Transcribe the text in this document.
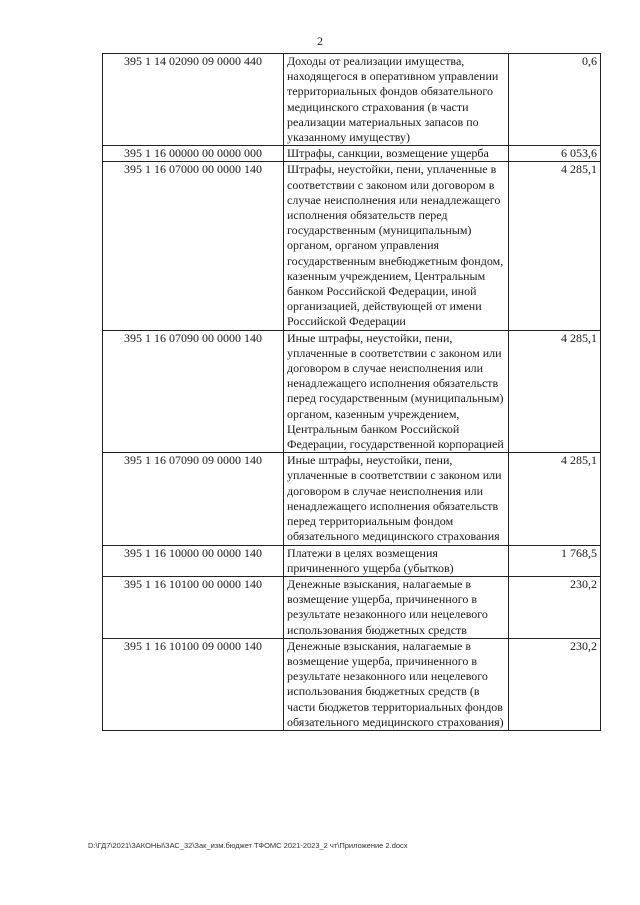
2
395 1 14 02090 09 0000 440	Доходы от реализации имущества, находящегося в оперативном управлении территориальных фондов обязательного медицинского страхования (в части реализации материальных запасов по указанному имуществу)	0,6
395 1 16 00000 00 0000 000	Штрафы, санкции, возмещение ущерба	6 053,6
395 1 16 07000 00 0000 140	Штрафы, неустойки, пени, уплаченные в соответствии с законом или договором в случае неисполнения или ненадлежащего исполнения обязательств перед государственным (муниципальным) органом, органом управления государственным внебюджетным фондом, казенным учреждением, Центральным банком Российской Федерации, иной организацией, действующей от имени Российской Федерации	4 285,1
395 1 16 07090 00 0000 140	Иные штрафы, неустойки, пени, уплаченные в соответствии с законом или договором в случае неисполнения или ненадлежащего исполнения обязательств перед государственным (муниципальным) органом, казенным учреждением, Центральным банком Российской Федерации, государственной корпорацией	4 285,1
395 1 16 07090 09 0000 140	Иные штрафы, неустойки, пени, уплаченные в соответствии с законом или договором в случае неисполнения или ненадлежащего исполнения обязательств перед территориальным фондом обязательного медицинского страхования	4 285,1
395 1 16 10000 00 0000 140	Платежи в целях возмещения причиненного ущерба (убытков)	1 768,5
395 1 16 10100 00 0000 140	Денежные взыскания, налагаемые в возмещение ущерба, причиненного в результате незаконного или нецелевого использования бюджетных средств	230,2
395 1 16 10100 09 0000 140	Денежные взыскания, налагаемые в возмещение ущерба, причиненного в результате незаконного или нецелевого использования бюджетных средств (в части бюджетов территориальных фондов обязательного медицинского страхования)	230,2
D:\ГД7\2021\ЗАКОНЫ\ЗАС_32\Зак_изм.бюджет ТФОМС 2021-2023_2 чт\Приложение 2.docx
